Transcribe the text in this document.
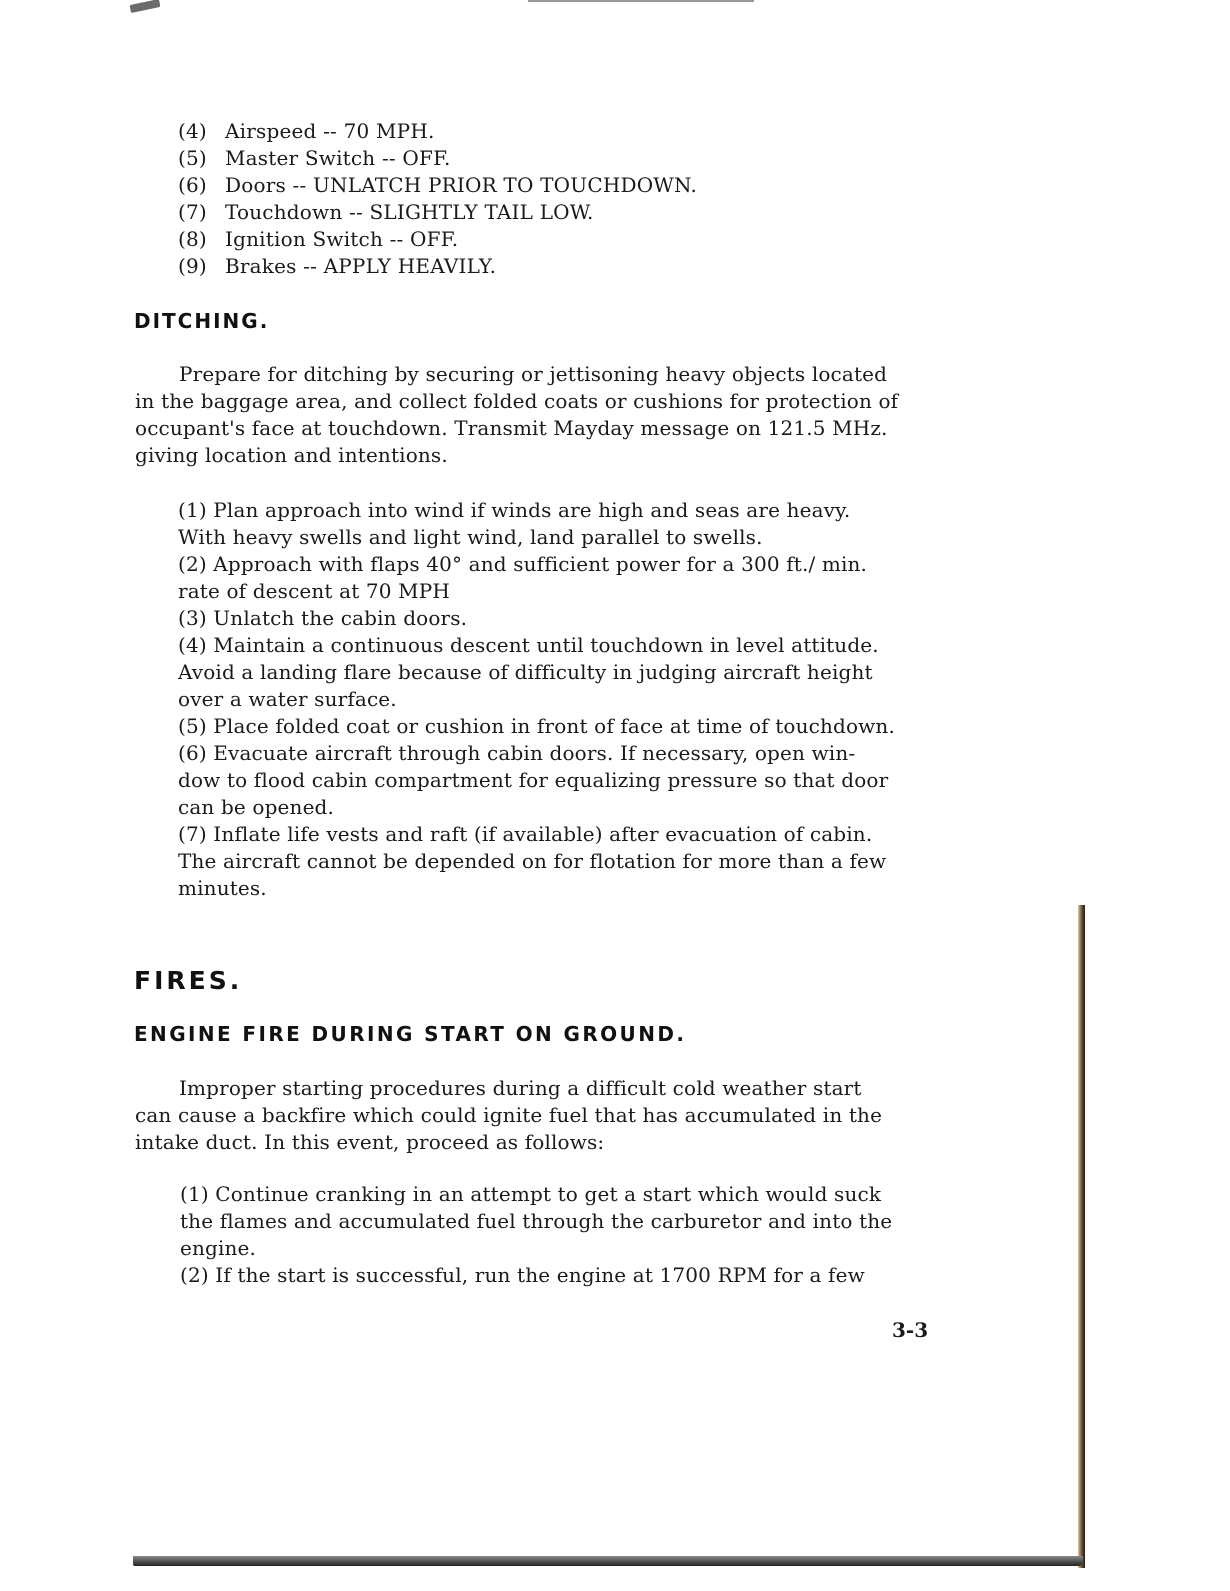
(4) Airspeed -- 70 MPH.
(5) Master Switch -- OFF.
(6) Doors -- UNLATCH PRIOR TO TOUCHDOWN.
(7) Touchdown -- SLIGHTLY TAIL LOW.
(8) Ignition Switch -- OFF.
(9) Brakes -- APPLY HEAVILY.
DITCHING.
Prepare for ditching by securing or jettisoning heavy objects located
in the baggage area, and collect folded coats or cushions for protection of
occupant's face at touchdown. Transmit Mayday message on 121.5 MHz.
giving location and intentions.
(1) Plan approach into wind if winds are high and seas are heavy.
With heavy swells and light wind, land parallel to swells.
(2) Approach with flaps 40° and sufficient power for a 300 ft./ min.
rate of descent at 70 MPH
(3) Unlatch the cabin doors.
(4) Maintain a continuous descent until touchdown in level attitude.
Avoid a landing flare because of difficulty in judging aircraft height
over a water surface.
(5) Place folded coat or cushion in front of face at time of touchdown.
(6) Evacuate aircraft through cabin doors. If necessary, open win-
dow to flood cabin compartment for equalizing pressure so that door
can be opened.
(7) Inflate life vests and raft (if available) after evacuation of cabin.
The aircraft cannot be depended on for flotation for more than a few
minutes.
FIRES.
ENGINE FIRE DURING START ON GROUND.
Improper starting procedures during a difficult cold weather start
can cause a backfire which could ignite fuel that has accumulated in the
intake duct. In this event, proceed as follows:
(1) Continue cranking in an attempt to get a start which would suck
the flames and accumulated fuel through the carburetor and into the
engine.
(2) If the start is successful, run the engine at 1700 RPM for a few
3-3
